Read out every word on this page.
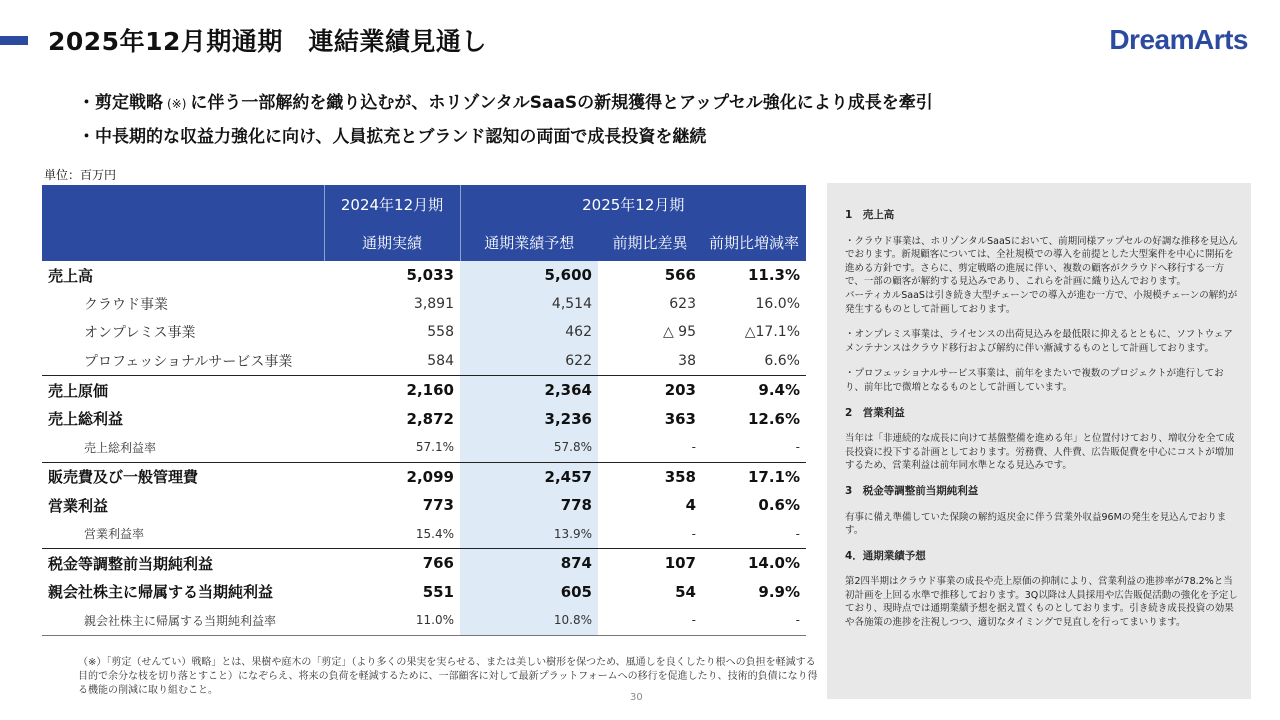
2025年12月期通期　連結業績見通し	DreamArts
・剪定戦略 (※) に伴う一部解約を織り込むが、ホリゾンタルSaaSの新規獲得とアップセル強化により成長を牽引
・中長期的な収益力強化に向け、人員拡充とブランド認知の両面で成長投資を継続
単位：百万円
	2024年12月期	2025年12月期		
	通期実績	通期業績予想	前期比差異	前期比増減率
売上高	5,033	5,600	566	11.3%
クラウド事業	3,891	4,514	623	16.0%
オンプレミス事業	558	462	△ 95	△17.1%
プロフェッショナルサービス事業	584	622	38	6.6%
売上原価	2,160	2,364	203	9.4%
売上総利益	2,872	3,236	363	12.6%
売上総利益率	57.1%	57.8%	-	-
販売費及び一般管理費	2,099	2,457	358	17.1%
営業利益	773	778	4	0.6%
営業利益率	15.4%	13.9%	-	-
税金等調整前当期純利益	766	874	107	14.0%
親会社株主に帰属する当期純利益	551	605	54	9.9%
親会社株主に帰属する当期純利益率	11.0%	10.8%	-	-
（※）「剪定（せんてい）戦略」とは、果樹や庭木の「剪定」（より多くの果実を実らせる、または美しい樹形を保つため、風通しを良くしたり根への負担を軽減する目的で余分な枝を切り落とすこと）になぞらえ、将来の負荷を軽減するために、一部顧客に対して最新プラットフォームへの移行を促進したり、技術的負債になり得る機能の削減に取り組むこと。
30
1　売上高
・クラウド事業は、ホリゾンタルSaaSにおいて、前期同様アップセルの好調な推移を見込んでおります。新規顧客については、全社規模での導入を前提とした大型案件を中心に開拓を進める方針です。さらに、剪定戦略の進展に伴い、複数の顧客がクラウドへ移行する一方で、一部の顧客が解約する見込みであり、これらを計画に織り込んでおります。
バーティカルSaaSは引き続き大型チェーンでの導入が進む一方で、小規模チェーンの解約が発生するものとして計画しております。
・オンプレミス事業は、ライセンスの出荷見込みを最低限に抑えるとともに、ソフトウェアメンテナンスはクラウド移行および解約に伴い漸減するものとして計画しております。
・プロフェッショナルサービス事業は、前年をまたいで複数のプロジェクトが進行しており、前年比で微増となるものとして計画しています。
2　営業利益
当年は「非連続的な成長に向けて基盤整備を進める年」と位置付けており、増収分を全て成長投資に投下する計画としております。労務費、人件費、広告販促費を中心にコストが増加するため、営業利益は前年同水準となる見込みです。
3　税金等調整前当期純利益
有事に備え準備していた保険の解約返戻金に伴う営業外収益96Mの発生を見込んでおります。
4．通期業績予想
第2四半期はクラウド事業の成長や売上原価の抑制により、営業利益の進捗率が78.2%と当初計画を上回る水準で推移しております。3Q以降は人員採用や広告販促活動の強化を予定しており、現時点では通期業績予想を据え置くものとしております。引き続き成長投資の効果や各施策の進捗を注視しつつ、適切なタイミングで見直しを行ってまいります。
